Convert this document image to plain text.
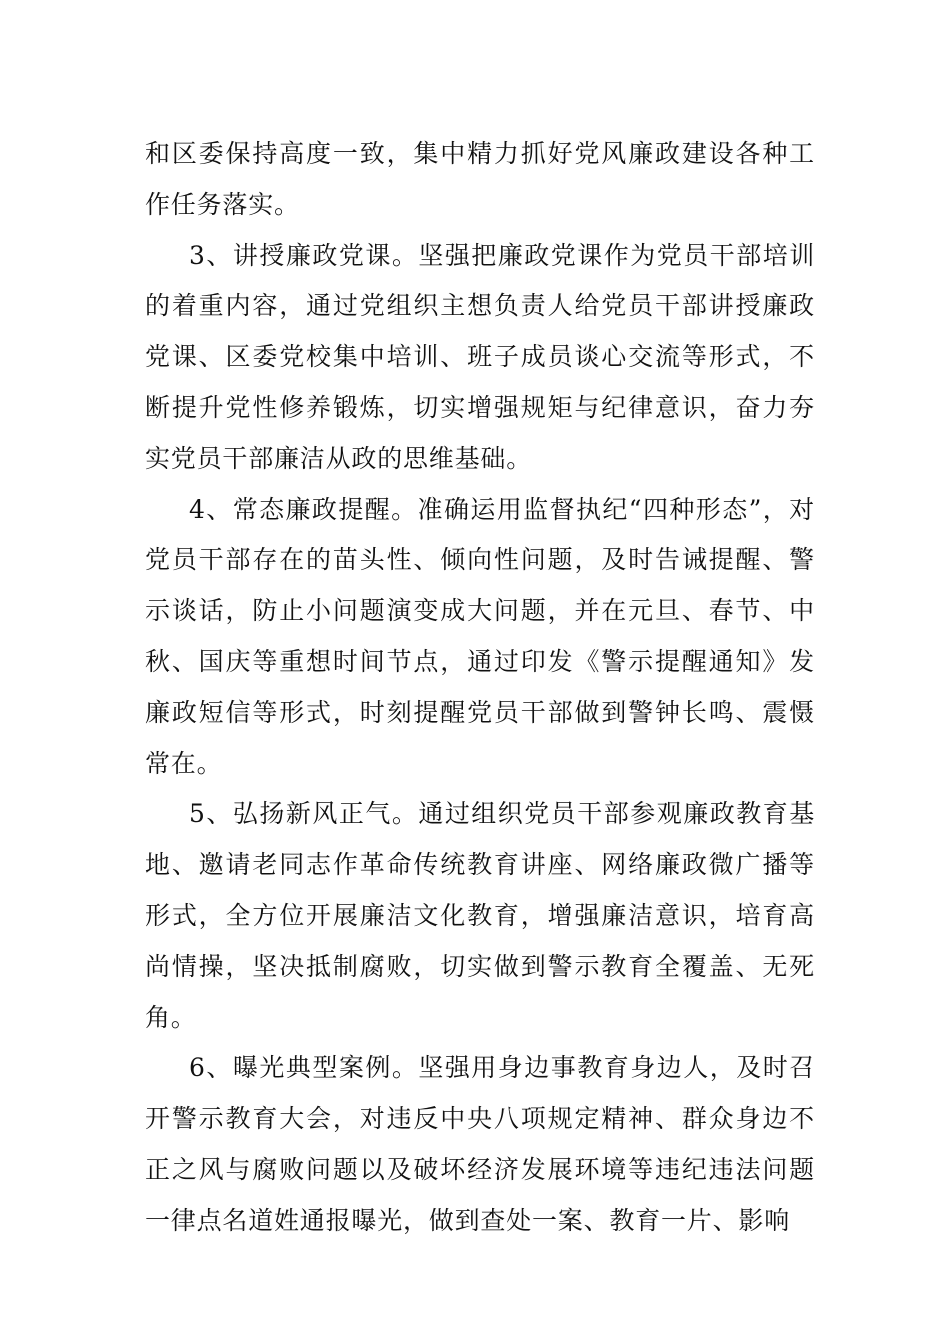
和区委保持高度一致，集中精力抓好党风廉政建设各种工作任务落实。

3、讲授廉政党课。坚强把廉政党课作为党员干部培训的着重内容，通过党组织主想负责人给党员干部讲授廉政党课、区委党校集中培训、班子成员谈心交流等形式，不断提升党性修养锻炼，切实增强规矩与纪律意识，奋力夯实党员干部廉洁从政的思维基础。

4、常态廉政提醒。准确运用监督执纪“四种形态”，对党员干部存在的苗头性、倾向性问题，及时告诫提醒、警示谈话，防止小问题演变成大问题，并在元旦、春节、中秋、国庆等重想时间节点，通过印发《警示提醒通知》发廉政短信等形式，时刻提醒党员干部做到警钟长鸣、震慑常在。

5、弘扬新风正气。通过组织党员干部参观廉政教育基地、邀请老同志作革命传统教育讲座、网络廉政微广播等形式，全方位开展廉洁文化教育，增强廉洁意识，培育高尚情操，坚决抵制腐败，切实做到警示教育全覆盖、无死角。

6、曝光典型案例。坚强用身边事教育身边人，及时召开警示教育大会，对违反中央八项规定精神、群众身边不正之风与腐败问题以及破坏经济发展环境等违纪违法问题一律点名道姓通报曝光，做到查处一案、教育一片、影响
